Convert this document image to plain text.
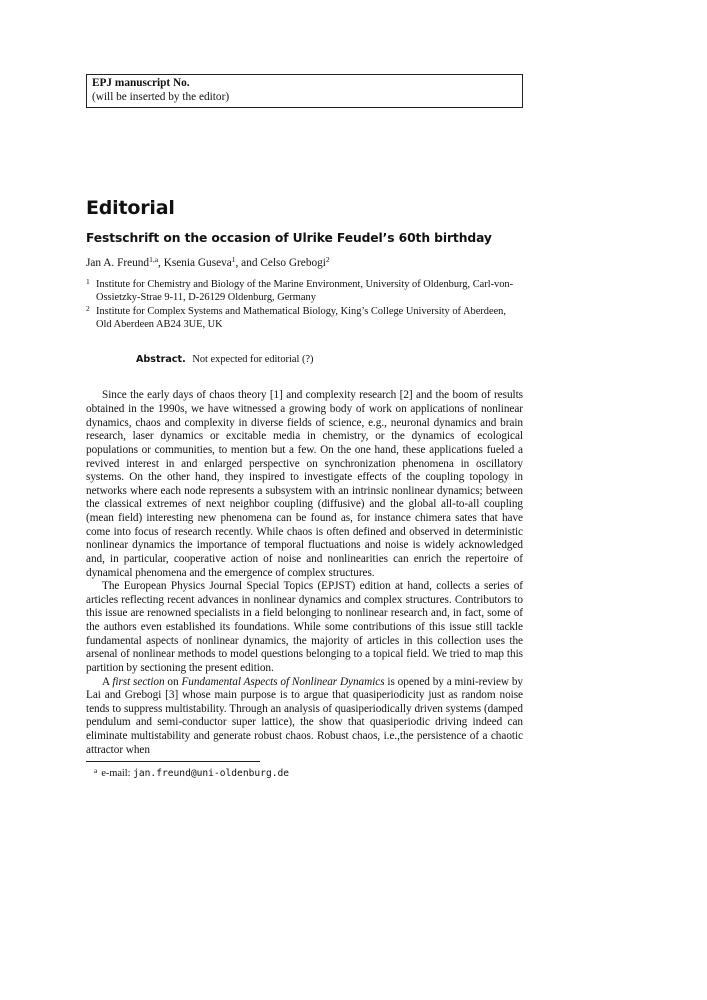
EPJ manuscript No.
(will be inserted by the editor)
Editorial
Festschrift on the occasion of Ulrike Feudel’s 60th birthday
Jan A. Freund$^{1,a}$, Ksenia Guseva$^1$, and Celso Grebogi$^2$
1 Institute for Chemistry and Biology of the Marine Environment, University of Oldenburg, Carl-von-Ossietzky-Strae 9-11, D-26129 Oldenburg, Germany
2 Institute for Complex Systems and Mathematical Biology, King’s College University of Aberdeen, Old Aberdeen AB24 3UE, UK
Abstract. Not expected for editorial (?)

Since the early days of chaos theory [1] and complexity research [2] and the boom of results obtained in the 1990s, we have witnessed a growing body of work on applications of nonlinear dynamics, chaos and complexity in diverse fields of science, e.g., neuronal dynamics and brain research, laser dynamics or excitable media in chemistry, or the dynamics of ecological populations or communities, to mention but a few. On the one hand, these applications fueled a revived interest in and enlarged perspective on synchronization phenomena in oscillatory systems. On the other hand, they inspired to investigate effects of the coupling topology in networks where each node represents a subsystem with an intrinsic nonlinear dynamics; between the classical extremes of next neighbor coupling (diffusive) and the global all-to-all coupling (mean field) interesting new phenomena can be found as, for instance chimera sates that have come into focus of research recently. While chaos is often defined and observed in deterministic nonlinear dynamics the importance of temporal fluctuations and noise is widely acknowledged and, in particular, cooperative action of noise and nonlinearities can enrich the repertoire of dynamical phenomena and the emergence of complex structures.

The European Physics Journal Special Topics (EPJST) edition at hand, collects a series of articles reflecting recent advances in nonlinear dynamics and complex structures. Contributors to this issue are renowned specialists in a field belonging to nonlinear research and, in fact, some of the authors even established its foundations. While some contributions of this issue still tackle fundamental aspects of nonlinear dynamics, the majority of articles in this collection uses the arsenal of nonlinear methods to model questions belonging to a topical field. We tried to map this partition by sectioning the present edition.

A first section on Fundamental Aspects of Nonlinear Dynamics is opened by a mini-review by Lai and Grebogi [3] whose main purpose is to argue that quasiperiodicity just as random noise tends to suppress multistability. Through an analysis of quasiperiodically driven systems (damped pendulum and semi-conductor super lattice), the show that quasiperiodic driving indeed can eliminate multistability and generate robust chaos. Robust chaos, i.e.,the persistence of a chaotic attractor when

$^a$ e-mail: jan.freund@uni-oldenburg.de
